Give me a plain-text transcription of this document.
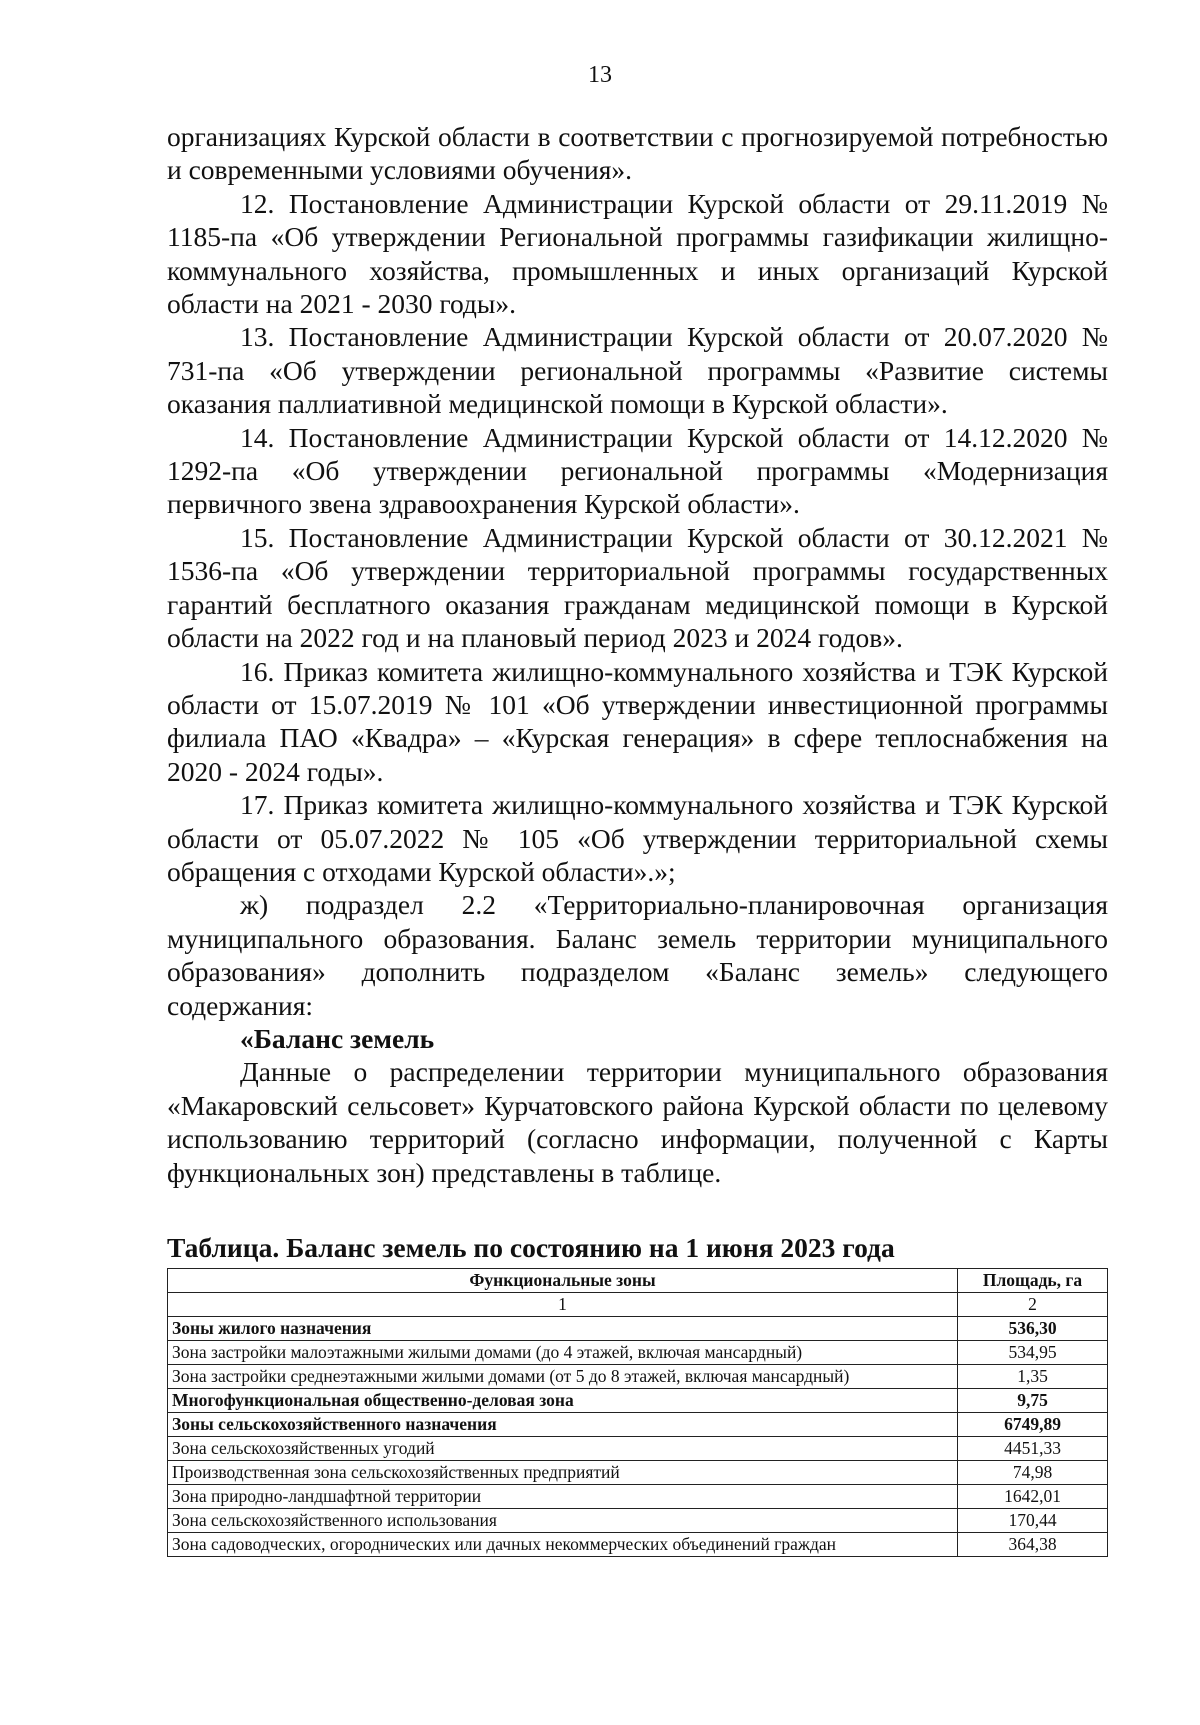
13

организациях Курской области в соответствии с прогнозируемой потребностью и современными условиями обучения».

12. Постановление Администрации Курской области от 29.11.2019 № 1185-па «Об утверждении Региональной программы газификации жилищно-коммунального хозяйства, промышленных и иных организаций Курской области на 2021 - 2030 годы».

13. Постановление Администрации Курской области от 20.07.2020 № 731-па «Об утверждении региональной программы «Развитие системы оказания паллиативной медицинской помощи в Курской области».

14. Постановление Администрации Курской области от 14.12.2020 № 1292-па «Об утверждении региональной программы «Модернизация первичного звена здравоохранения Курской области».

15. Постановление Администрации Курской области от 30.12.2021 № 1536-па «Об утверждении территориальной программы государственных гарантий бесплатного оказания гражданам медицинской помощи в Курской области на 2022 год и на плановый период 2023 и 2024 годов».

16. Приказ комитета жилищно-коммунального хозяйства и ТЭК Курской области от 15.07.2019 № 101 «Об утверждении инвестиционной программы филиала ПАО «Квадра» – «Курская генерация» в сфере теплоснабжения на 2020 - 2024 годы».

17. Приказ комитета жилищно-коммунального хозяйства и ТЭК Курской области от 05.07.2022 № 105 «Об утверждении территориальной схемы обращения с отходами Курской области».»;

ж) подраздел 2.2 «Территориально-планировочная организация муниципального образования. Баланс земель территории муниципального образования» дополнить подразделом «Баланс земель» следующего содержания:

«Баланс земель

Данные о распределении территории муниципального образования «Макаровский сельсовет» Курчатовского района Курской области по целевому использованию территорий (согласно информации, полученной с Карты функциональных зон) представлены в таблице.

Таблица. Баланс земель по состоянию на 1 июня 2023 года
Функциональные зоны	Площадь, га
1	2
Зоны жилого назначения	536,30
Зона застройки малоэтажными жилыми домами (до 4 этажей, включая мансардный)	534,95
Зона застройки среднеэтажными жилыми домами (от 5 до 8 этажей, включая мансардный)	1,35
Многофункциональная общественно-деловая зона	9,75
Зоны сельскохозяйственного назначения	6749,89
Зона сельскохозяйственных угодий	4451,33
Производственная зона сельскохозяйственных предприятий	74,98
Зона природно-ландшафтной территории	1642,01
Зона сельскохозяйственного использования	170,44
Зона садоводческих, огороднических или дачных некоммерческих объединений граждан	364,38
